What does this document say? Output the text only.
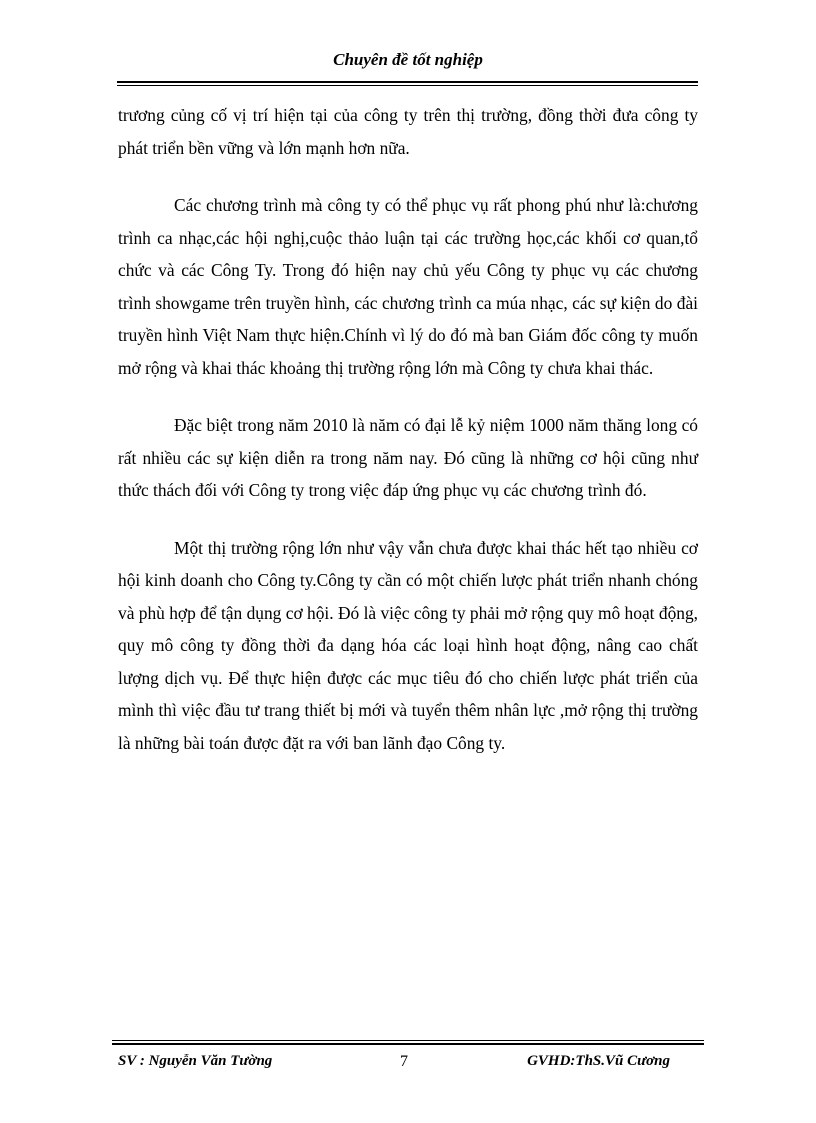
Chuyên đề tốt nghiệp

trương củng cố vị trí hiện tại của công ty trên thị trường, đồng thời đưa công ty phát triển bền vững và lớn mạnh hơn nữa.

Các chương trình mà công ty có thể phục vụ rất phong phú như là:chương trình ca nhạc,các hội nghị,cuộc thảo luận tại các trường học,các khối cơ quan,tổ chức và các Công Ty. Trong đó hiện nay chủ yếu Công ty phục vụ các chương trình showgame trên truyền hình, các chương trình ca múa nhạc, các sự kiện do đài truyền hình Việt Nam thực hiện.Chính vì lý do đó mà ban Giám đốc công ty muốn mở rộng và khai thác khoảng thị trường rộng lớn mà Công ty chưa khai thác.

Đặc biệt trong năm 2010 là năm có đại lễ kỷ niệm 1000 năm thăng long có rất nhiều các sự kiện diễn ra trong năm nay. Đó cũng là những cơ hội cũng như thức thách đối với Công ty trong việc đáp ứng phục vụ các chương trình đó.

Một thị trường rộng lớn như vậy vẫn chưa được khai thác hết tạo nhiều cơ hội kinh doanh cho Công ty.Công ty cần có một chiến lược phát triển nhanh chóng và phù hợp để tận dụng cơ hội. Đó là việc công ty phải mở rộng quy mô hoạt động, quy mô công ty đồng thời đa dạng hóa các loại hình hoạt động, nâng cao chất lượng dịch vụ. Để thực hiện được các mục tiêu đó cho chiến lược phát triển của mình thì việc đầu tư trang thiết bị mới và tuyển thêm nhân lực ,mở rộng thị trường là những bài toán được đặt ra với ban lãnh đạo Công ty.

SV : Nguyễn Văn Tường	7	GVHD:ThS.Vũ Cương
